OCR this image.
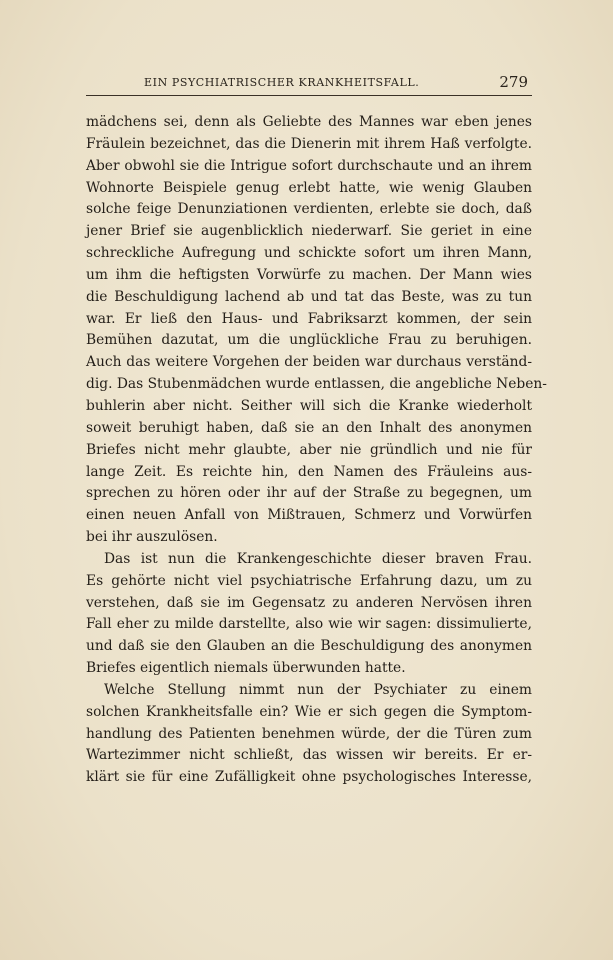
EIN PSYCHIATRISCHER KRANKHEITSFALL.	279
mädchens sei, denn als Geliebte des Mannes war eben jenes
Fräulein bezeichnet, das die Dienerin mit ihrem Haß verfolgte.
Aber obwohl sie die Intrigue sofort durchschaute und an ihrem
Wohnorte Beispiele genug erlebt hatte, wie wenig Glauben
solche feige Denunziationen verdienten, erlebte sie doch, daß
jener Brief sie augenblicklich niederwarf. Sie geriet in eine
schreckliche Aufregung und schickte sofort um ihren Mann,
um ihm die heftigsten Vorwürfe zu machen. Der Mann wies
die Beschuldigung lachend ab und tat das Beste, was zu tun
war. Er ließ den Haus- und Fabriksarzt kommen, der sein
Bemühen dazutat, um die unglückliche Frau zu beruhigen.
Auch das weitere Vorgehen der beiden war durchaus verständ-
dig. Das Stubenmädchen wurde entlassen, die angebliche Neben-
buhlerin aber nicht. Seither will sich die Kranke wiederholt
soweit beruhigt haben, daß sie an den Inhalt des anonymen
Briefes nicht mehr glaubte, aber nie gründlich und nie für
lange Zeit. Es reichte hin, den Namen des Fräuleins aus-
sprechen zu hören oder ihr auf der Straße zu begegnen, um
einen neuen Anfall von Mißtrauen, Schmerz und Vorwürfen
bei ihr auszulösen.
Das ist nun die Krankengeschichte dieser braven Frau.
Es gehörte nicht viel psychiatrische Erfahrung dazu, um zu
verstehen, daß sie im Gegensatz zu anderen Nervösen ihren
Fall eher zu milde darstellte, also wie wir sagen: dissimulierte,
und daß sie den Glauben an die Beschuldigung des anonymen
Briefes eigentlich niemals überwunden hatte.
Welche Stellung nimmt nun der Psychiater zu einem
solchen Krankheitsfalle ein? Wie er sich gegen die Symptom-
handlung des Patienten benehmen würde, der die Türen zum
Wartezimmer nicht schließt, das wissen wir bereits. Er er-
klärt sie für eine Zufälligkeit ohne psychologisches Interesse,
